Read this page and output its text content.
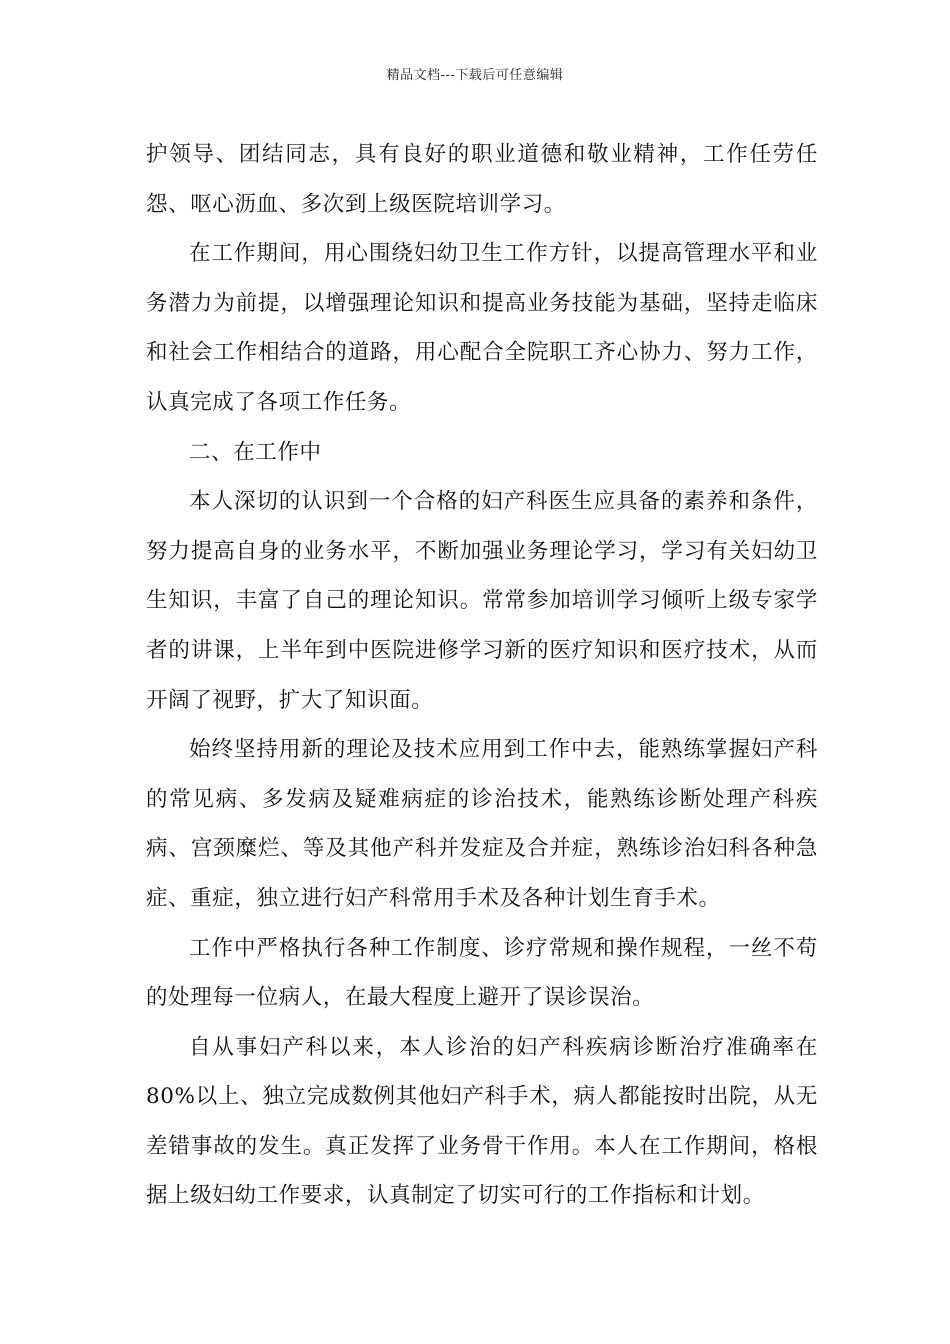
精品文档---下载后可任意编辑

护领导、团结同志，具有良好的职业道德和敬业精神，工作任劳任怨、呕心沥血、多次到上级医院培训学习。

在工作期间，用心围绕妇幼卫生工作方针，以提高管理水平和业务潜力为前提，以增强理论知识和提高业务技能为基础，坚持走临床和社会工作相结合的道路，用心配合全院职工齐心协力、努力工作，认真完成了各项工作任务。

二、在工作中

本人深切的认识到一个合格的妇产科医生应具备的素养和条件，努力提高自身的业务水平，不断加强业务理论学习，学习有关妇幼卫生知识，丰富了自己的理论知识。常常参加培训学习倾听上级专家学者的讲课，上半年到中医院进修学习新的医疗知识和医疗技术，从而开阔了视野，扩大了知识面。

始终坚持用新的理论及技术应用到工作中去，能熟练掌握妇产科的常见病、多发病及疑难病症的诊治技术，能熟练诊断处理产科疾病、宫颈糜烂、等及其他产科并发症及合并症，熟练诊治妇科各种急症、重症，独立进行妇产科常用手术及各种计划生育手术。

工作中严格执行各种工作制度、诊疗常规和操作规程，一丝不苟的处理每一位病人，在最大程度上避开了误诊误治。

自从事妇产科以来，本人诊治的妇产科疾病诊断治疗准确率在80%以上、独立完成数例其他妇产科手术，病人都能按时出院，从无差错事故的发生。真正发挥了业务骨干作用。本人在工作期间，格根据上级妇幼工作要求，认真制定了切实可行的工作指标和计划。
